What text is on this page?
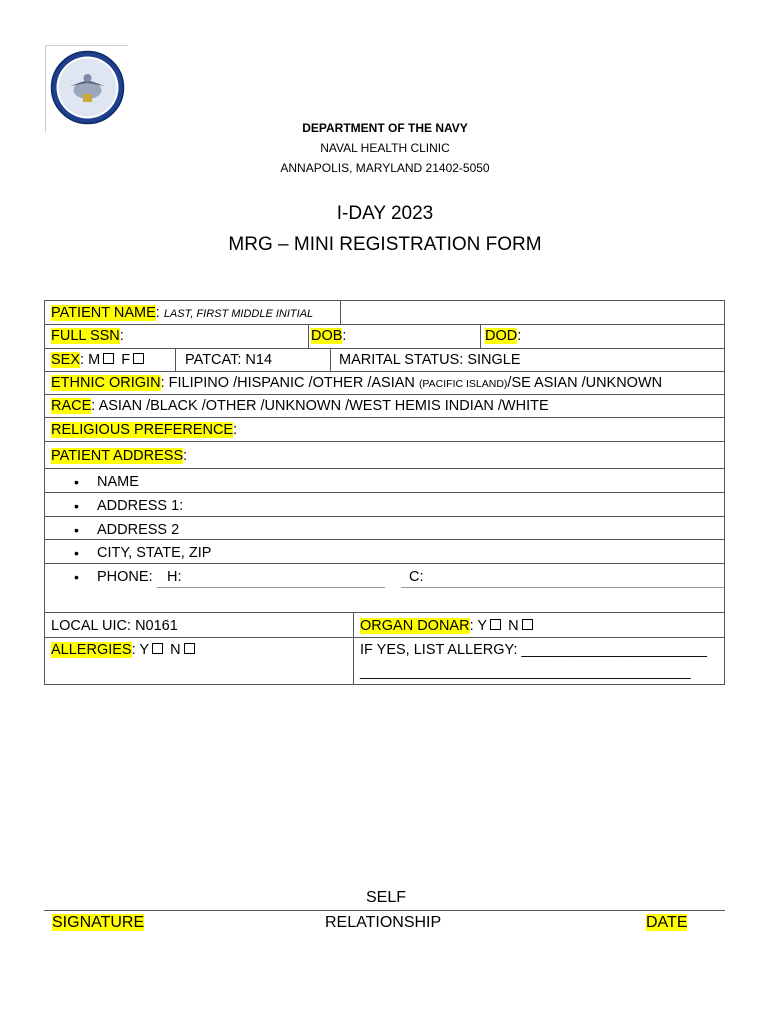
DEPARTMENT OF THE NAVY
NAVAL HEALTH CLINIC
ANNAPOLIS, MARYLAND 21402-5050
I-DAY 2023
MRG – MINI REGISTRATION FORM
PATIENT NAME: LAST, FIRST MIDDLE INITIAL
FULL SSN:	DOB:	DOD:
SEX: M F	PATCAT: N14	MARITAL STATUS: SINGLE
ETHNIC ORIGIN: FILIPINO /HISPANIC /OTHER /ASIAN (PACIFIC ISLAND)/SE ASIAN /UNKNOWN
RACE: ASIAN /BLACK /OTHER /UNKNOWN /WEST HEMIS INDIAN /WHITE
RELIGIOUS PREFERENCE:
PATIENT ADDRESS:
• NAME
• ADDRESS 1:
• ADDRESS 2
• CITY, STATE, ZIP
• PHONE: H:	C:
LOCAL UIC: N0161	ORGAN DONAR: Y N
ALLERGIES: Y N	IF YES, LIST ALLERGY: _______________________
_________________________________________
SELF
SIGNATURE	RELATIONSHIP	DATE
